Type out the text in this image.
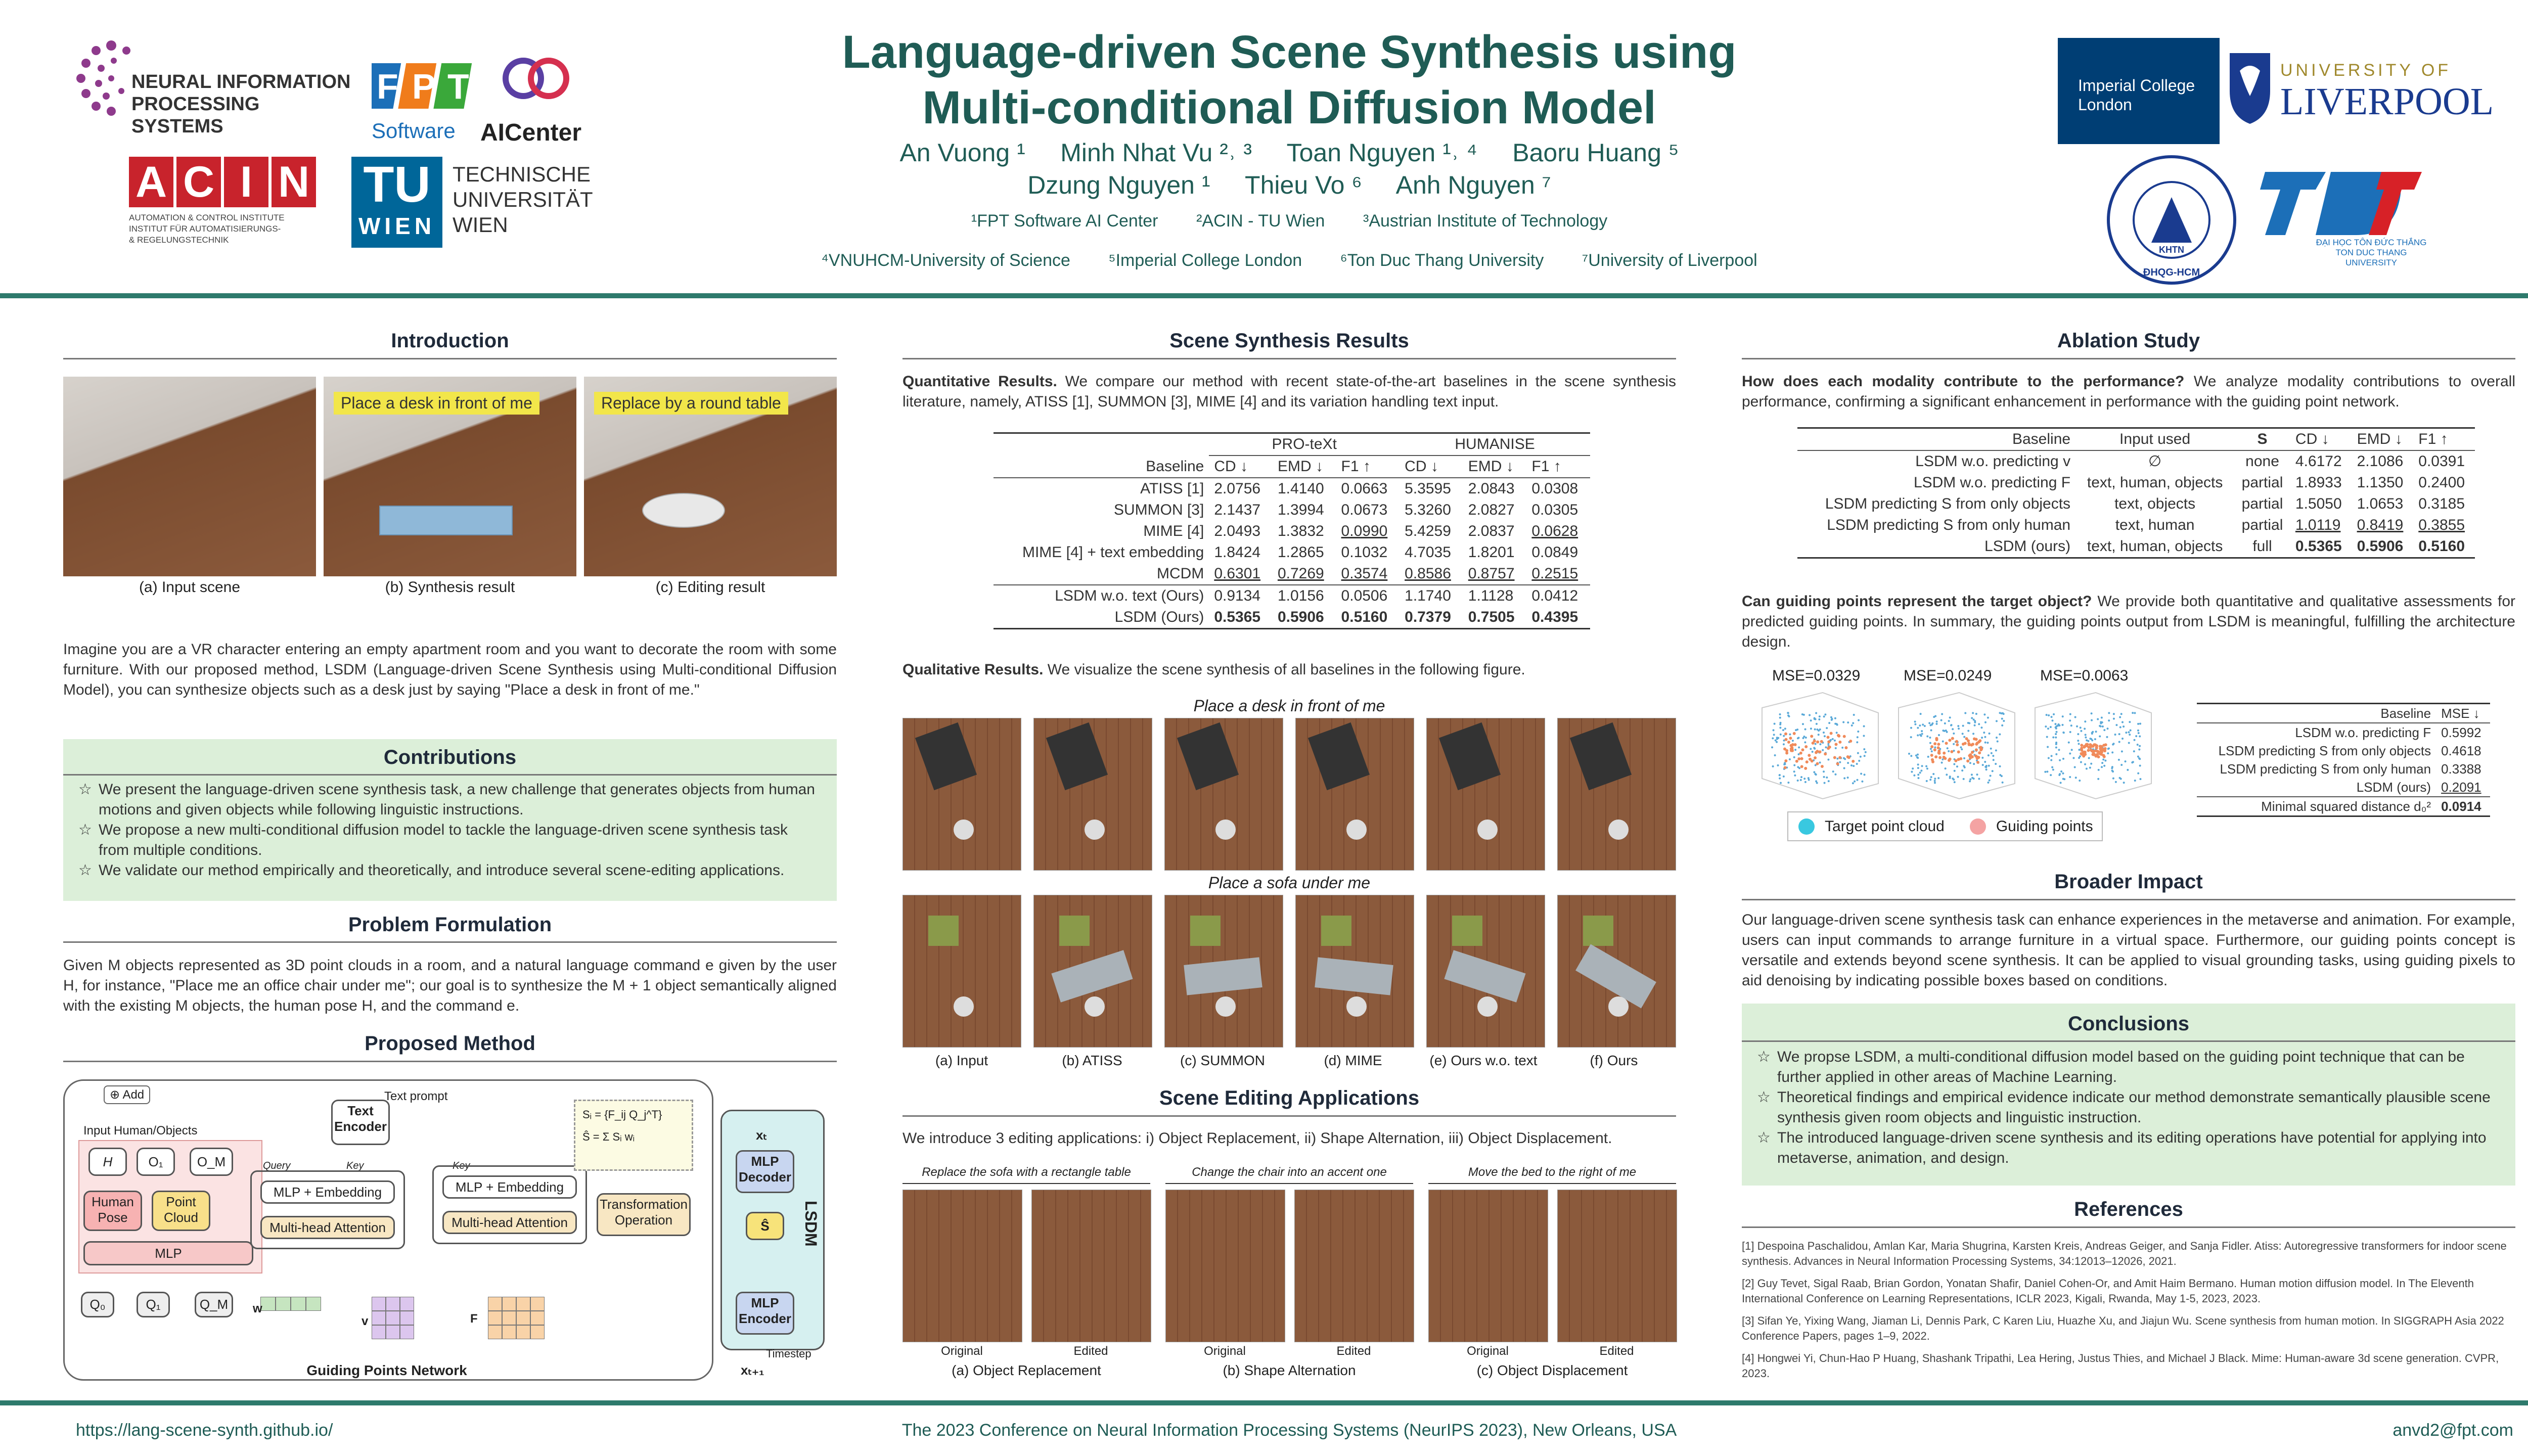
NEURAL INFORMATION PROCESSING SYSTEMS
F P T
Software AICenter
A C I N
AUTOMATION & CONTROL INSTITUTE
INSTITUT FÜR AUTOMATISIERUNGS-
& REGELUNGSTECHNIK
TU
WIEN
TECHNISCHE
UNIVERSITÄT
WIEN
Language-driven Scene Synthesis using
Multi-conditional Diffusion Model
An Vuong ¹     Minh Nhat Vu ²˒ ³     Toan Nguyen ¹˒ ⁴     Baoru Huang ⁵
Dzung Nguyen ¹     Thieu Vo ⁶     Anh Nguyen ⁷
¹FPT Software AI Center        ²ACIN - TU Wien        ³Austrian Institute of Technology
⁴VNUHCM-University of Science        ⁵Imperial College London        ⁶Ton Duc Thang University        ⁷University of Liverpool
Imperial College
London
UNIVERSITY OF
LIVERPOOL
KHTN
ĐHQG-HCM
ĐẠI HỌC TÔN ĐỨC THẮNG
TON DUC THANG UNIVERSITY
Introduction
Place a desk in front of me	Replace by a round table
(a) Input scene	(b) Synthesis result	(c) Editing result
Imagine you are a VR character entering an empty apartment room and you want to decorate the room with some furniture. With our proposed method, LSDM (Language-driven Scene Synthesis using Multi-conditional Diffusion Model), you can synthesize objects such as a desk just by saying "Place a desk in front of me."
Contributions
☆ We present the language-driven scene synthesis task, a new challenge that generates objects from human motions and given objects while following linguistic instructions.
☆ We propose a new multi-conditional diffusion model to tackle the language-driven scene synthesis task from multiple conditions.
☆ We validate our method empirically and theoretically, and introduce several scene-editing applications.
Problem Formulation
Given M objects represented as 3D point clouds in a room, and a natural language command e given by the user H, for instance, "Place me an office chair under me"; our goal is to synthesize the M + 1 object semantically aligned with the existing M objects, the human pose H, and the command e.
Proposed Method
⊕ Add
Input Human/Objects
H	O₁	O_M
Human Pose
Point Cloud
MLP
Q₀	Q₁	Q_M
Text Encoder
Text prompt
Query	Key
MLP + Embedding
Multi-head Attention
Key
MLP + Embedding
Multi-head Attention
Sᵢ = {F_ij Q_j^T}
Ŝ = Σ Sᵢ wᵢ
Transformation Operation
w
v	F
Guiding Points Network
LSDM
MLP Decoder
Ŝ
MLP Encoder
xₜ
xₜ₊₁
Timestep
Scene Synthesis Results
Quantitative Results. We compare our method with recent state-of-the-art baselines in the scene synthesis literature, namely, ATISS [1], SUMMON [3], MIME [4] and its variation handling text input.
	PRO-teXt			HUMANISE		
Baseline	CD ↓	EMD ↓	F1 ↑	CD ↓	EMD ↓	F1 ↑
ATISS [1]	2.0756	1.4140	0.0663	5.3595	2.0843	0.0308
SUMMON [3]	2.1437	1.3994	0.0673	5.3260	2.0827	0.0305
MIME [4]	2.0493	1.3832	0.0990	5.4259	2.0837	0.0628
MIME [4] + text embedding	1.8424	1.2865	0.1032	4.7035	1.8201	0.0849
MCDM	0.6301	0.7269	0.3574	0.8586	0.8757	0.2515
LSDM w.o. text (Ours)	0.9134	1.0156	0.0506	1.1740	1.1128	0.0412
LSDM (Ours)	0.5365	0.5906	0.5160	0.7379	0.7505	0.4395
Qualitative Results. We visualize the scene synthesis of all baselines in the following figure.
Place a desk in front of me
Place a sofa under me
(a) Input	(b) ATISS	(c) SUMMON	(d) MIME	(e) Ours w.o. text	(f) Ours
Scene Editing Applications
We introduce 3 editing applications: i) Object Replacement, ii) Shape Alternation, iii) Object Displacement.
Replace the sofa with a rectangle table
Original	Edited
(a) Object Replacement
Change the chair into an accent one
Original	Edited
(b) Shape Alternation
Move the bed to the right of me
Original	Edited
(c) Object Displacement
Ablation Study
How does each modality contribute to the performance? We analyze modality contributions to overall performance, confirming a significant enhancement in performance with the guiding point network.
Baseline	Input used	S	CD ↓	EMD ↓	F1 ↑
LSDM w.o. predicting v	∅	none	4.6172	2.1086	0.0391
LSDM w.o. predicting F	text, human, objects	partial	1.8933	1.1350	0.2400
LSDM predicting S from only objects	text, objects	partial	1.5050	1.0653	0.3185
LSDM predicting S from only human	text, human	partial	1.0119	0.8419	0.3855
LSDM (ours)	text, human, objects	full	0.5365	0.5906	0.5160
Can guiding points represent the target object? We provide both quantitative and qualitative assessments for predicted guiding points. In summary, the guiding points output from LSDM is meaningful, fulfilling the architecture design.
MSE=0.0329	MSE=0.0249	MSE=0.0063
Target point cloud	Guiding points
Baseline	MSE ↓
LSDM w.o. predicting F	0.5992
LSDM predicting S from only objects	0.4618
LSDM predicting S from only human	0.3388
LSDM (ours)	0.2091
Minimal squared distance d₀²	0.0914
Broader Impact
Our language-driven scene synthesis task can enhance experiences in the metaverse and animation. For example, users can input commands to arrange furniture in a virtual space. Furthermore, our guiding points concept is versatile and extends beyond scene synthesis. It can be applied to visual grounding tasks, using guiding pixels to aid denoising by indicating possible boxes based on conditions.
Conclusions
☆ We propse LSDM, a multi-conditional diffusion model based on the guiding point technique that can be further applied in other areas of Machine Learning.
☆ Theoretical findings and empirical evidence indicate our method demonstrate semantically plausible scene synthesis given room objects and linguistic instruction.
☆ The introduced language-driven scene synthesis and its editing operations have potential for applying into metaverse, animation, and design.
References
[1] Despoina Paschalidou, Amlan Kar, Maria Shugrina, Karsten Kreis, Andreas Geiger, and Sanja Fidler. Atiss: Autoregressive transformers for indoor scene synthesis. Advances in Neural Information Processing Systems, 34:12013–12026, 2021.
[2] Guy Tevet, Sigal Raab, Brian Gordon, Yonatan Shafir, Daniel Cohen-Or, and Amit Haim Bermano. Human motion diffusion model. In The Eleventh International Conference on Learning Representations, ICLR 2023, Kigali, Rwanda, May 1-5, 2023, 2023.
[3] Sifan Ye, Yixing Wang, Jiaman Li, Dennis Park, C Karen Liu, Huazhe Xu, and Jiajun Wu. Scene synthesis from human motion. In SIGGRAPH Asia 2022 Conference Papers, pages 1–9, 2022.
[4] Hongwei Yi, Chun-Hao P Huang, Shashank Tripathi, Lea Hering, Justus Thies, and Michael J Black. Mime: Human-aware 3d scene generation. CVPR, 2023.
https://lang-scene-synth.github.io/	The 2023 Conference on Neural Information Processing Systems (NeurIPS 2023), New Orleans, USA	anvd2@fpt.com
